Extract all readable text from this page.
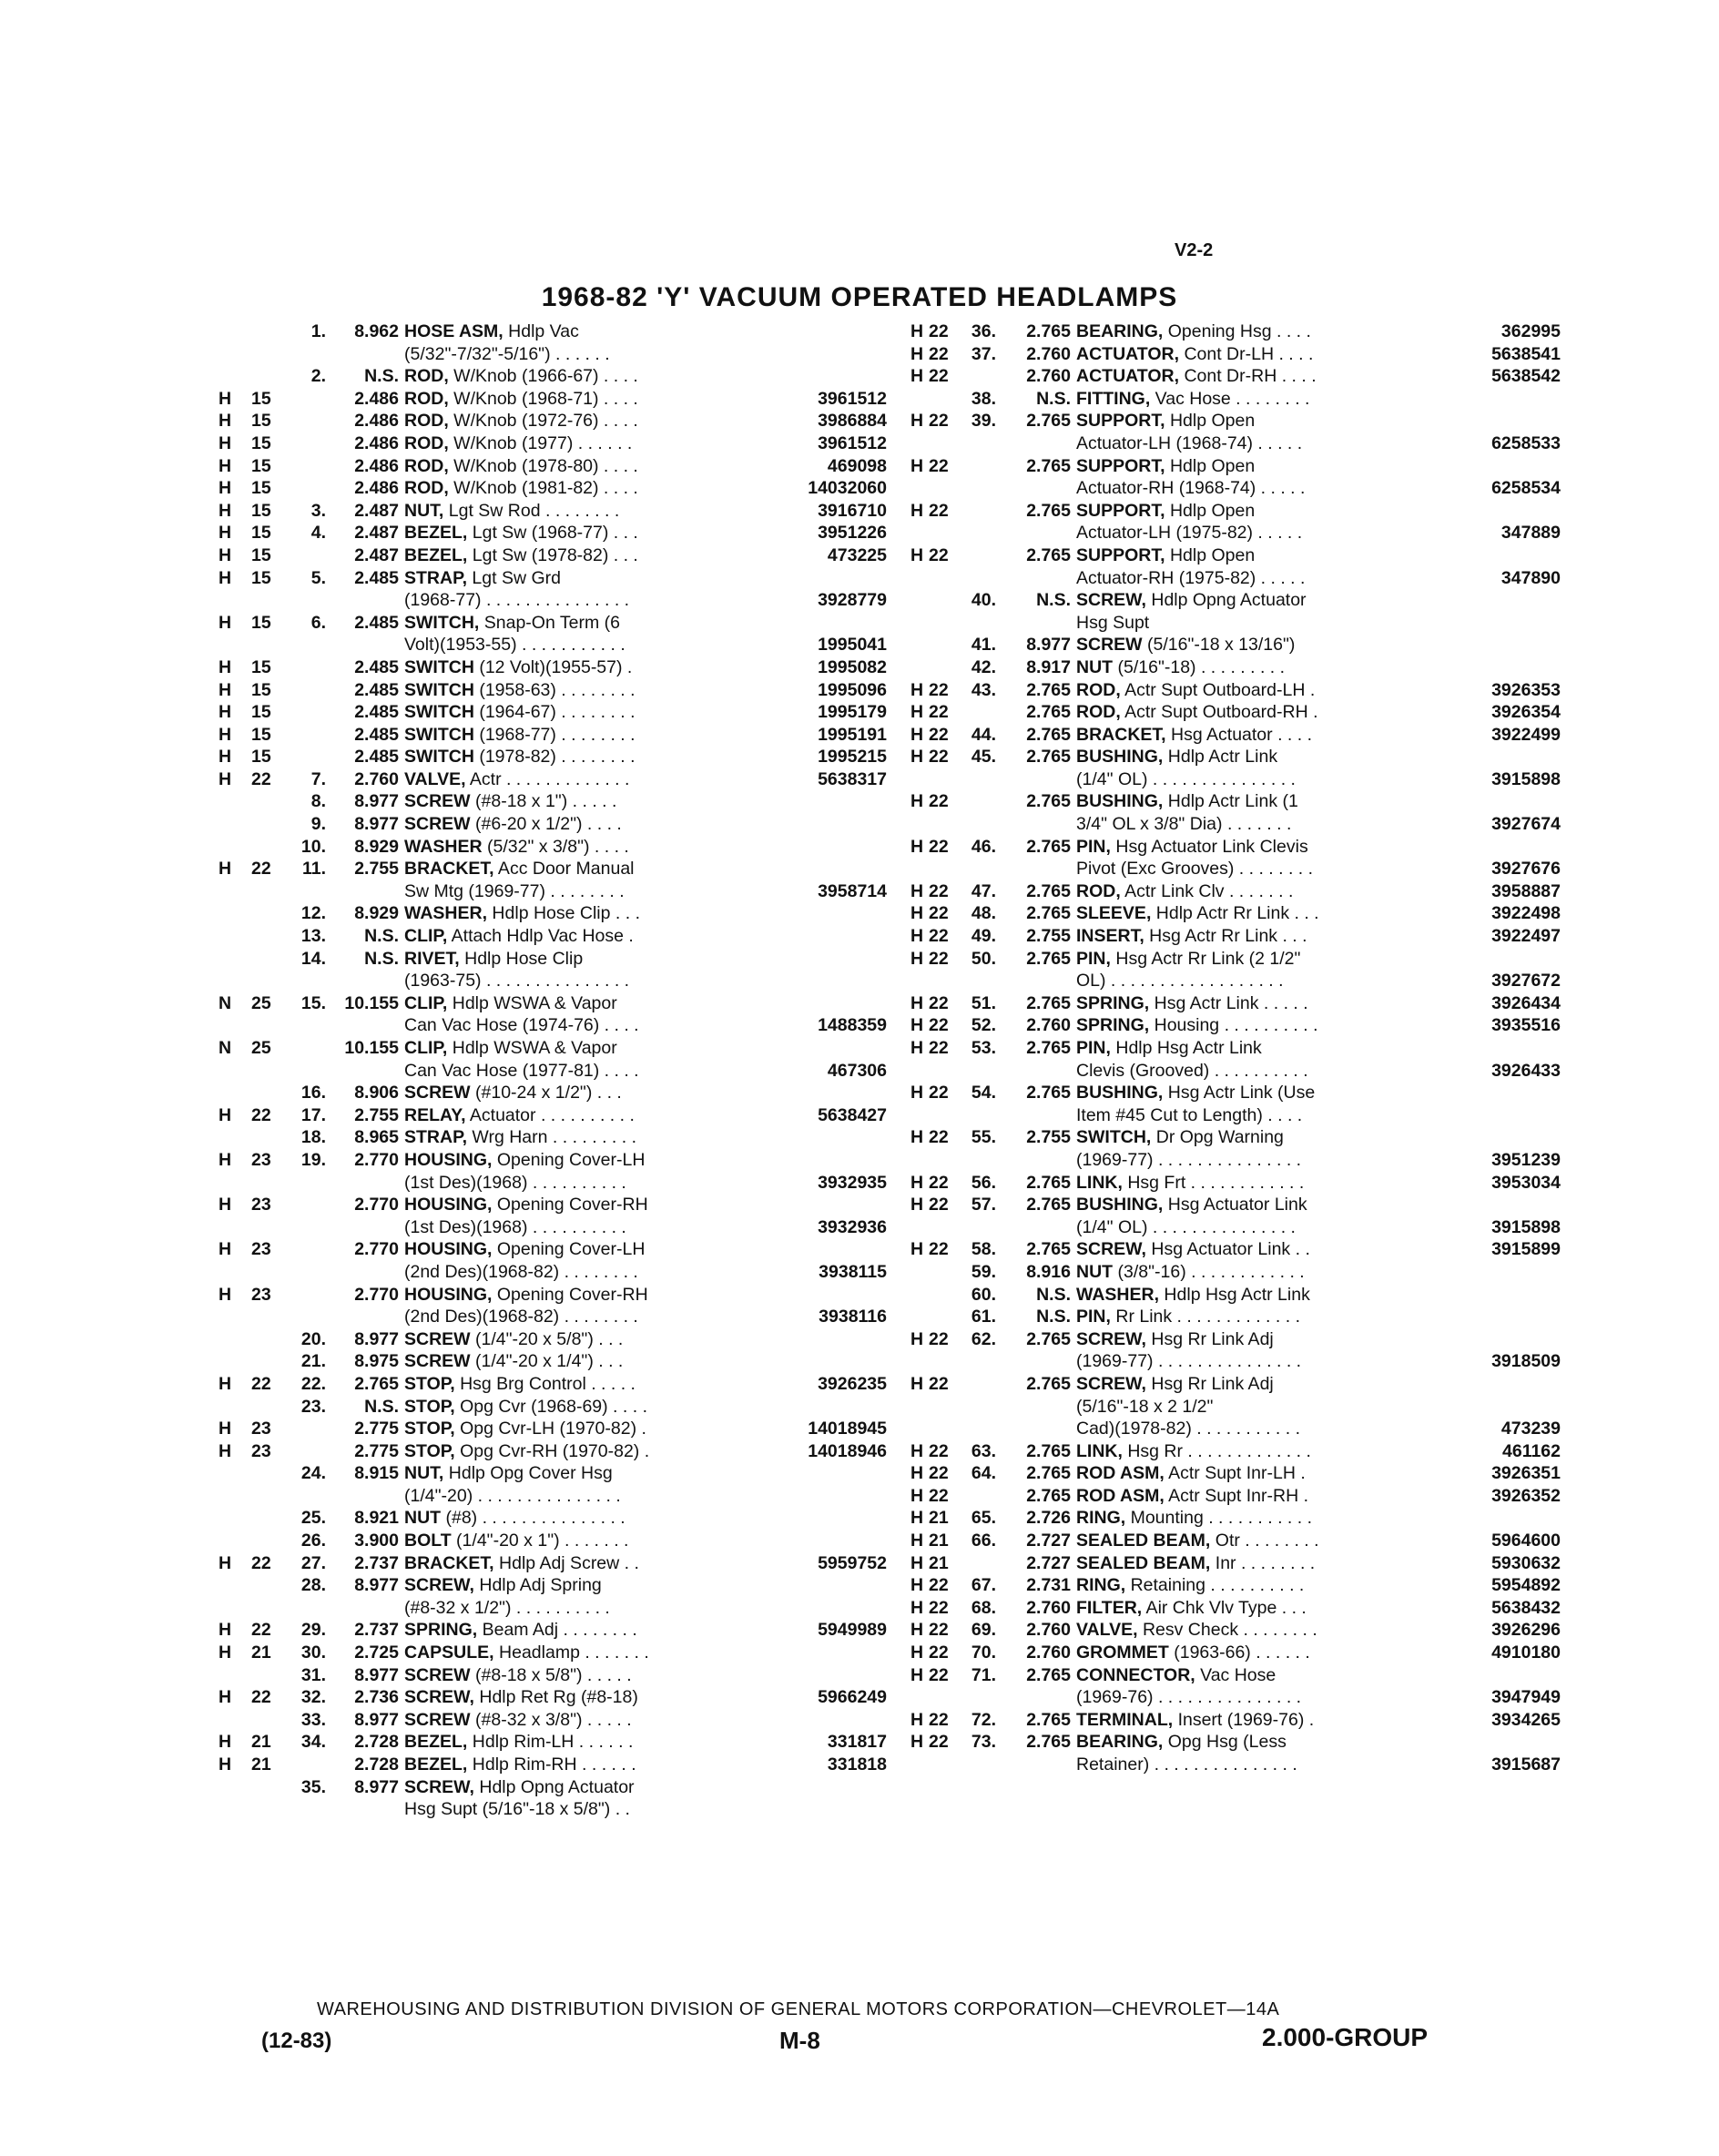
V2-2
1968-82 'Y' VACUUM OPERATED HEADLAMPS
1.	8.962 HOSE ASM, Hdlp Vac
(5/32"-7/32"-5/16") . . . . . .
2.	N.S. ROD, W/Knob (1966-67) . . . .
H	15	2.486 ROD, W/Knob (1968-71) . . . .	3961512
H	15	2.486 ROD, W/Knob (1972-76) . . . .	3986884
H	15	2.486 ROD, W/Knob (1977) . . . . . .	3961512
H	15	2.486 ROD, W/Knob (1978-80) . . . .	469098
H	15	2.486 ROD, W/Knob (1981-82) . . . .	14032060
H	15	3.	2.487 NUT, Lgt Sw Rod . . . . . . . .	3916710
H	15	4.	2.487 BEZEL, Lgt Sw (1968-77) . . .	3951226
H	15	2.487 BEZEL, Lgt Sw (1978-82) . . .	473225
H	15	5.	2.485 STRAP, Lgt Sw Grd
(1968-77) . . . . . . . . . . . . . . .	3928779
H	15	6.	2.485 SWITCH, Snap-On Term (6
Volt)(1953-55) . . . . . . . . . . .	1995041
H	15	2.485 SWITCH (12 Volt)(1955-57) .	1995082
H	15	2.485 SWITCH (1958-63) . . . . . . . .	1995096
H	15	2.485 SWITCH (1964-67) . . . . . . . .	1995179
H	15	2.485 SWITCH (1968-77) . . . . . . . .	1995191
H	15	2.485 SWITCH (1978-82) . . . . . . . .	1995215
H	22	7.	2.760 VALVE, Actr . . . . . . . . . . . . .	5638317
8.	8.977 SCREW (#8-18 x 1") . . . . .
9.	8.977 SCREW (#6-20 x 1/2") . . . .
10.	8.929 WASHER (5/32" x 3/8") . . . .
H	22	11.	2.755 BRACKET, Acc Door Manual
Sw Mtg (1969-77) . . . . . . . .	3958714
12.	8.929 WASHER, Hdlp Hose Clip . . .
13.	N.S. CLIP, Attach Hdlp Vac Hose .
14.	N.S. RIVET, Hdlp Hose Clip
(1963-75) . . . . . . . . . . . . . . .
N	25	15.	10.155 CLIP, Hdlp WSWA & Vapor
Can Vac Hose (1974-76) . . . .	1488359
N	25	10.155 CLIP, Hdlp WSWA & Vapor
Can Vac Hose (1977-81) . . . .	467306
16.	8.906 SCREW (#10-24 x 1/2") . . .
H	22	17.	2.755 RELAY, Actuator . . . . . . . . . .	5638427
18.	8.965 STRAP, Wrg Harn . . . . . . . . .
H	23	19.	2.770 HOUSING, Opening Cover-LH
(1st Des)(1968) . . . . . . . . . .	3932935
H	23	2.770 HOUSING, Opening Cover-RH
(1st Des)(1968) . . . . . . . . . .	3932936
H	23	2.770 HOUSING, Opening Cover-LH
(2nd Des)(1968-82) . . . . . . . .	3938115
H	23	2.770 HOUSING, Opening Cover-RH
(2nd Des)(1968-82) . . . . . . . .	3938116
20.	8.977 SCREW (1/4"-20 x 5/8") . . .
21.	8.975 SCREW (1/4"-20 x 1/4") . . .
H	22	22.	2.765 STOP, Hsg Brg Control . . . . .	3926235
23.	N.S. STOP, Opg Cvr (1968-69) . . . .
H	23	2.775 STOP, Opg Cvr-LH (1970-82) .	14018945
H	23	2.775 STOP, Opg Cvr-RH (1970-82) .	14018946
24.	8.915 NUT, Hdlp Opg Cover Hsg
(1/4"-20) . . . . . . . . . . . . . . .
25.	8.921 NUT (#8) . . . . . . . . . . . . . . .
26.	3.900 BOLT (1/4"-20 x 1") . . . . . . .
H	22	27.	2.737 BRACKET, Hdlp Adj Screw . .	5959752
28.	8.977 SCREW, Hdlp Adj Spring
(#8-32 x 1/2") . . . . . . . . . .
H	22	29.	2.737 SPRING, Beam Adj . . . . . . . .	5949989
H	21	30.	2.725 CAPSULE, Headlamp . . . . . . .
31.	8.977 SCREW (#8-18 x 5/8") . . . . .
H	22	32.	2.736 SCREW, Hdlp Ret Rg (#8-18)	5966249
33.	8.977 SCREW (#8-32 x 3/8") . . . . .
H	21	34.	2.728 BEZEL, Hdlp Rim-LH . . . . . .	331817
H	21	2.728 BEZEL, Hdlp Rim-RH . . . . . .	331818
35.	8.977 SCREW, Hdlp Opng Actuator
Hsg Supt (5/16"-18 x 5/8") . .
H 22	36.	2.765 BEARING, Opening Hsg . . . .	362995
H 22	37.	2.760 ACTUATOR, Cont Dr-LH . . . .	5638541
H 22	2.760 ACTUATOR, Cont Dr-RH . . . .	5638542
38.	N.S. FITTING, Vac Hose . . . . . . . .
H 22	39.	2.765 SUPPORT, Hdlp Open
Actuator-LH (1968-74) . . . . .	6258533
H 22	2.765 SUPPORT, Hdlp Open
Actuator-RH (1968-74) . . . . .	6258534
H 22	2.765 SUPPORT, Hdlp Open
Actuator-LH (1975-82) . . . . .	347889
H 22	2.765 SUPPORT, Hdlp Open
Actuator-RH (1975-82) . . . . .	347890
40.	N.S. SCREW, Hdlp Opng Actuator
Hsg Supt
41.	8.977 SCREW (5/16"-18 x 13/16")
42.	8.917 NUT (5/16"-18) . . . . . . . . .
H 22	43.	2.765 ROD, Actr Supt Outboard-LH .	3926353
H 22	2.765 ROD, Actr Supt Outboard-RH .	3926354
H 22	44.	2.765 BRACKET, Hsg Actuator . . . .	3922499
H 22	45.	2.765 BUSHING, Hdlp Actr Link
(1/4" OL) . . . . . . . . . . . . . . .	3915898
H 22	2.765 BUSHING, Hdlp Actr Link (1
3/4" OL x 3/8" Dia) . . . . . . .	3927674
H 22	46.	2.765 PIN, Hsg Actuator Link Clevis
Pivot (Exc Grooves) . . . . . . . .	3927676
H 22	47.	2.765 ROD, Actr Link Clv . . . . . . .	3958887
H 22	48.	2.765 SLEEVE, Hdlp Actr Rr Link . . .	3922498
H 22	49.	2.755 INSERT, Hsg Actr Rr Link . . .	3922497
H 22	50.	2.765 PIN, Hsg Actr Rr Link (2 1/2"
OL) . . . . . . . . . . . . . . . . . .	3927672
H 22	51.	2.765 SPRING, Hsg Actr Link . . . . .	3926434
H 22	52.	2.760 SPRING, Housing . . . . . . . . . .	3935516
H 22	53.	2.765 PIN, Hdlp Hsg Actr Link
Clevis (Grooved) . . . . . . . . . .	3926433
H 22	54.	2.765 BUSHING, Hsg Actr Link (Use
Item #45 Cut to Length) . . . .
H 22	55.	2.755 SWITCH, Dr Opg Warning
(1969-77) . . . . . . . . . . . . . . .	3951239
H 22	56.	2.765 LINK, Hsg Frt . . . . . . . . . . . .	3953034
H 22	57.	2.765 BUSHING, Hsg Actuator Link
(1/4" OL) . . . . . . . . . . . . . . .	3915898
H 22	58.	2.765 SCREW, Hsg Actuator Link . .	3915899
59.	8.916 NUT (3/8"-16) . . . . . . . . . . . .
60.	N.S. WASHER, Hdlp Hsg Actr Link
61.	N.S. PIN, Rr Link . . . . . . . . . . . . .
H 22	62.	2.765 SCREW, Hsg Rr Link Adj
(1969-77) . . . . . . . . . . . . . . .	3918509
H 22	2.765 SCREW, Hsg Rr Link Adj
(5/16"-18 x 2 1/2"
Cad)(1978-82) . . . . . . . . . . .	473239
H 22	63.	2.765 LINK, Hsg Rr . . . . . . . . . . . . .	461162
H 22	64.	2.765 ROD ASM, Actr Supt Inr-LH .	3926351
H 22	2.765 ROD ASM, Actr Supt Inr-RH .	3926352
H 21	65.	2.726 RING, Mounting . . . . . . . . . . .
H 21	66.	2.727 SEALED BEAM, Otr . . . . . . . .	5964600
H 21	2.727 SEALED BEAM, Inr . . . . . . . .	5930632
H 22	67.	2.731 RING, Retaining . . . . . . . . . .	5954892
H 22	68.	2.760 FILTER, Air Chk Vlv Type . . .	5638432
H 22	69.	2.760 VALVE, Resv Check . . . . . . . .	3926296
H 22	70.	2.760 GROMMET (1963-66) . . . . . .	4910180
H 22	71.	2.765 CONNECTOR, Vac Hose
(1969-76) . . . . . . . . . . . . . . .	3947949
H 22	72.	2.765 TERMINAL, Insert (1969-76) .	3934265
H 22	73.	2.765 BEARING, Opg Hsg (Less
Retainer) . . . . . . . . . . . . . . .	3915687
WAREHOUSING AND DISTRIBUTION DIVISION OF GENERAL MOTORS CORPORATION—CHEVROLET—14A
(12-83)	M-8	2.000-GROUP
